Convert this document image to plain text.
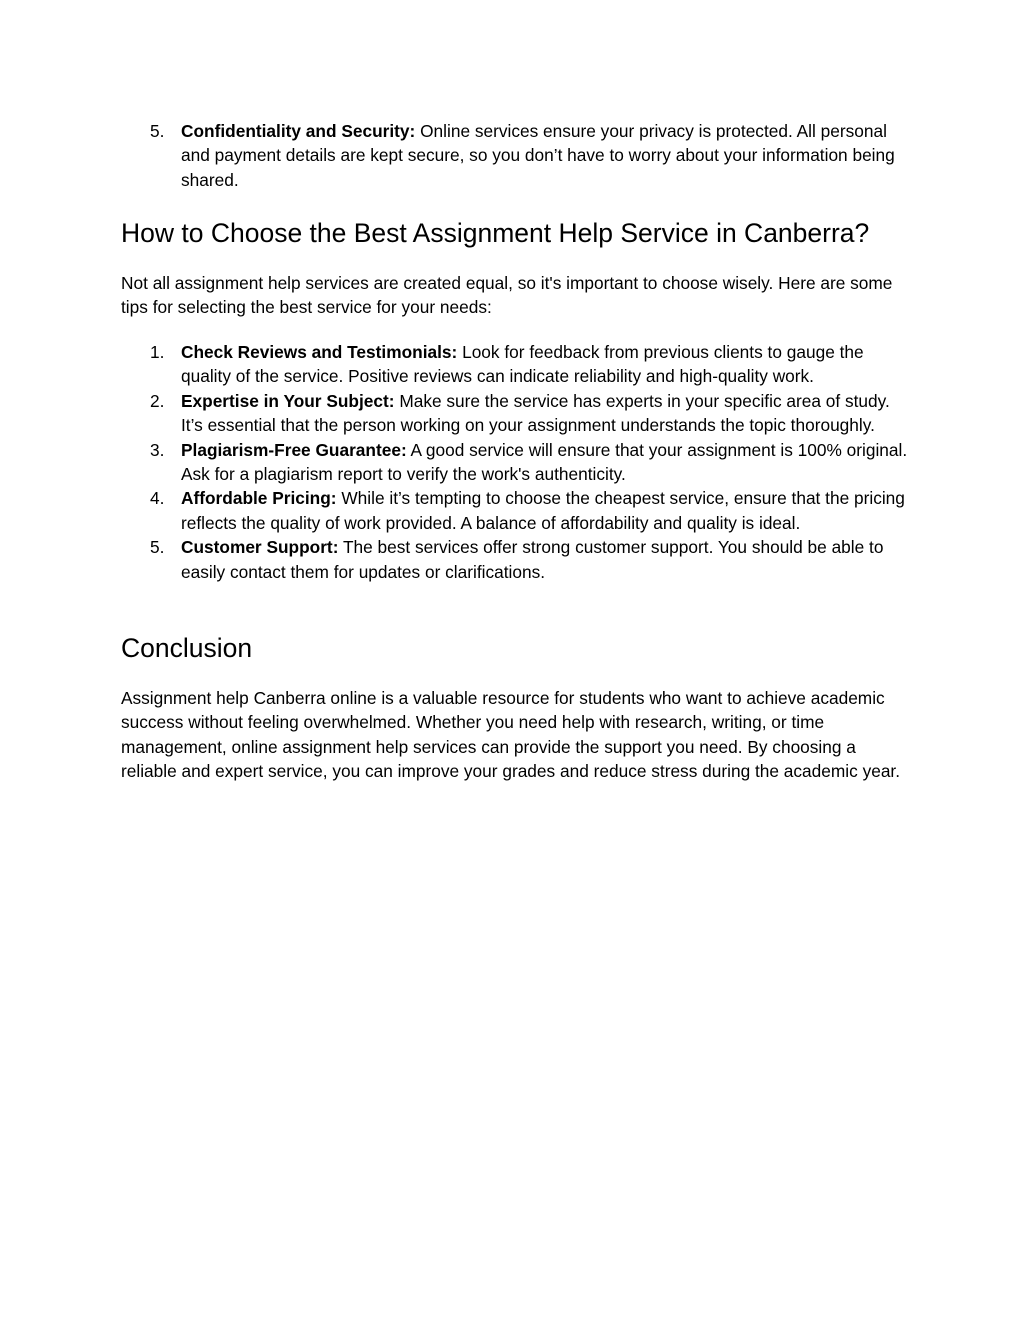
5. Confidentiality and Security: Online services ensure your privacy is protected. All personal and payment details are kept secure, so you don’t have to worry about your information being shared.
How to Choose the Best Assignment Help Service in Canberra?

Not all assignment help services are created equal, so it's important to choose wisely. Here are some tips for selecting the best service for your needs:

1. Check Reviews and Testimonials: Look for feedback from previous clients to gauge the quality of the service. Positive reviews can indicate reliability and high-quality work.
2. Expertise in Your Subject: Make sure the service has experts in your specific area of study. It’s essential that the person working on your assignment understands the topic thoroughly.
3. Plagiarism-Free Guarantee: A good service will ensure that your assignment is 100% original. Ask for a plagiarism report to verify the work's authenticity.
4. Affordable Pricing: While it’s tempting to choose the cheapest service, ensure that the pricing reflects the quality of work provided. A balance of affordability and quality is ideal.
5. Customer Support: The best services offer strong customer support. You should be able to easily contact them for updates or clarifications.
Conclusion

Assignment help Canberra online is a valuable resource for students who want to achieve academic success without feeling overwhelmed. Whether you need help with research, writing, or time management, online assignment help services can provide the support you need. By choosing a reliable and expert service, you can improve your grades and reduce stress during the academic year.
